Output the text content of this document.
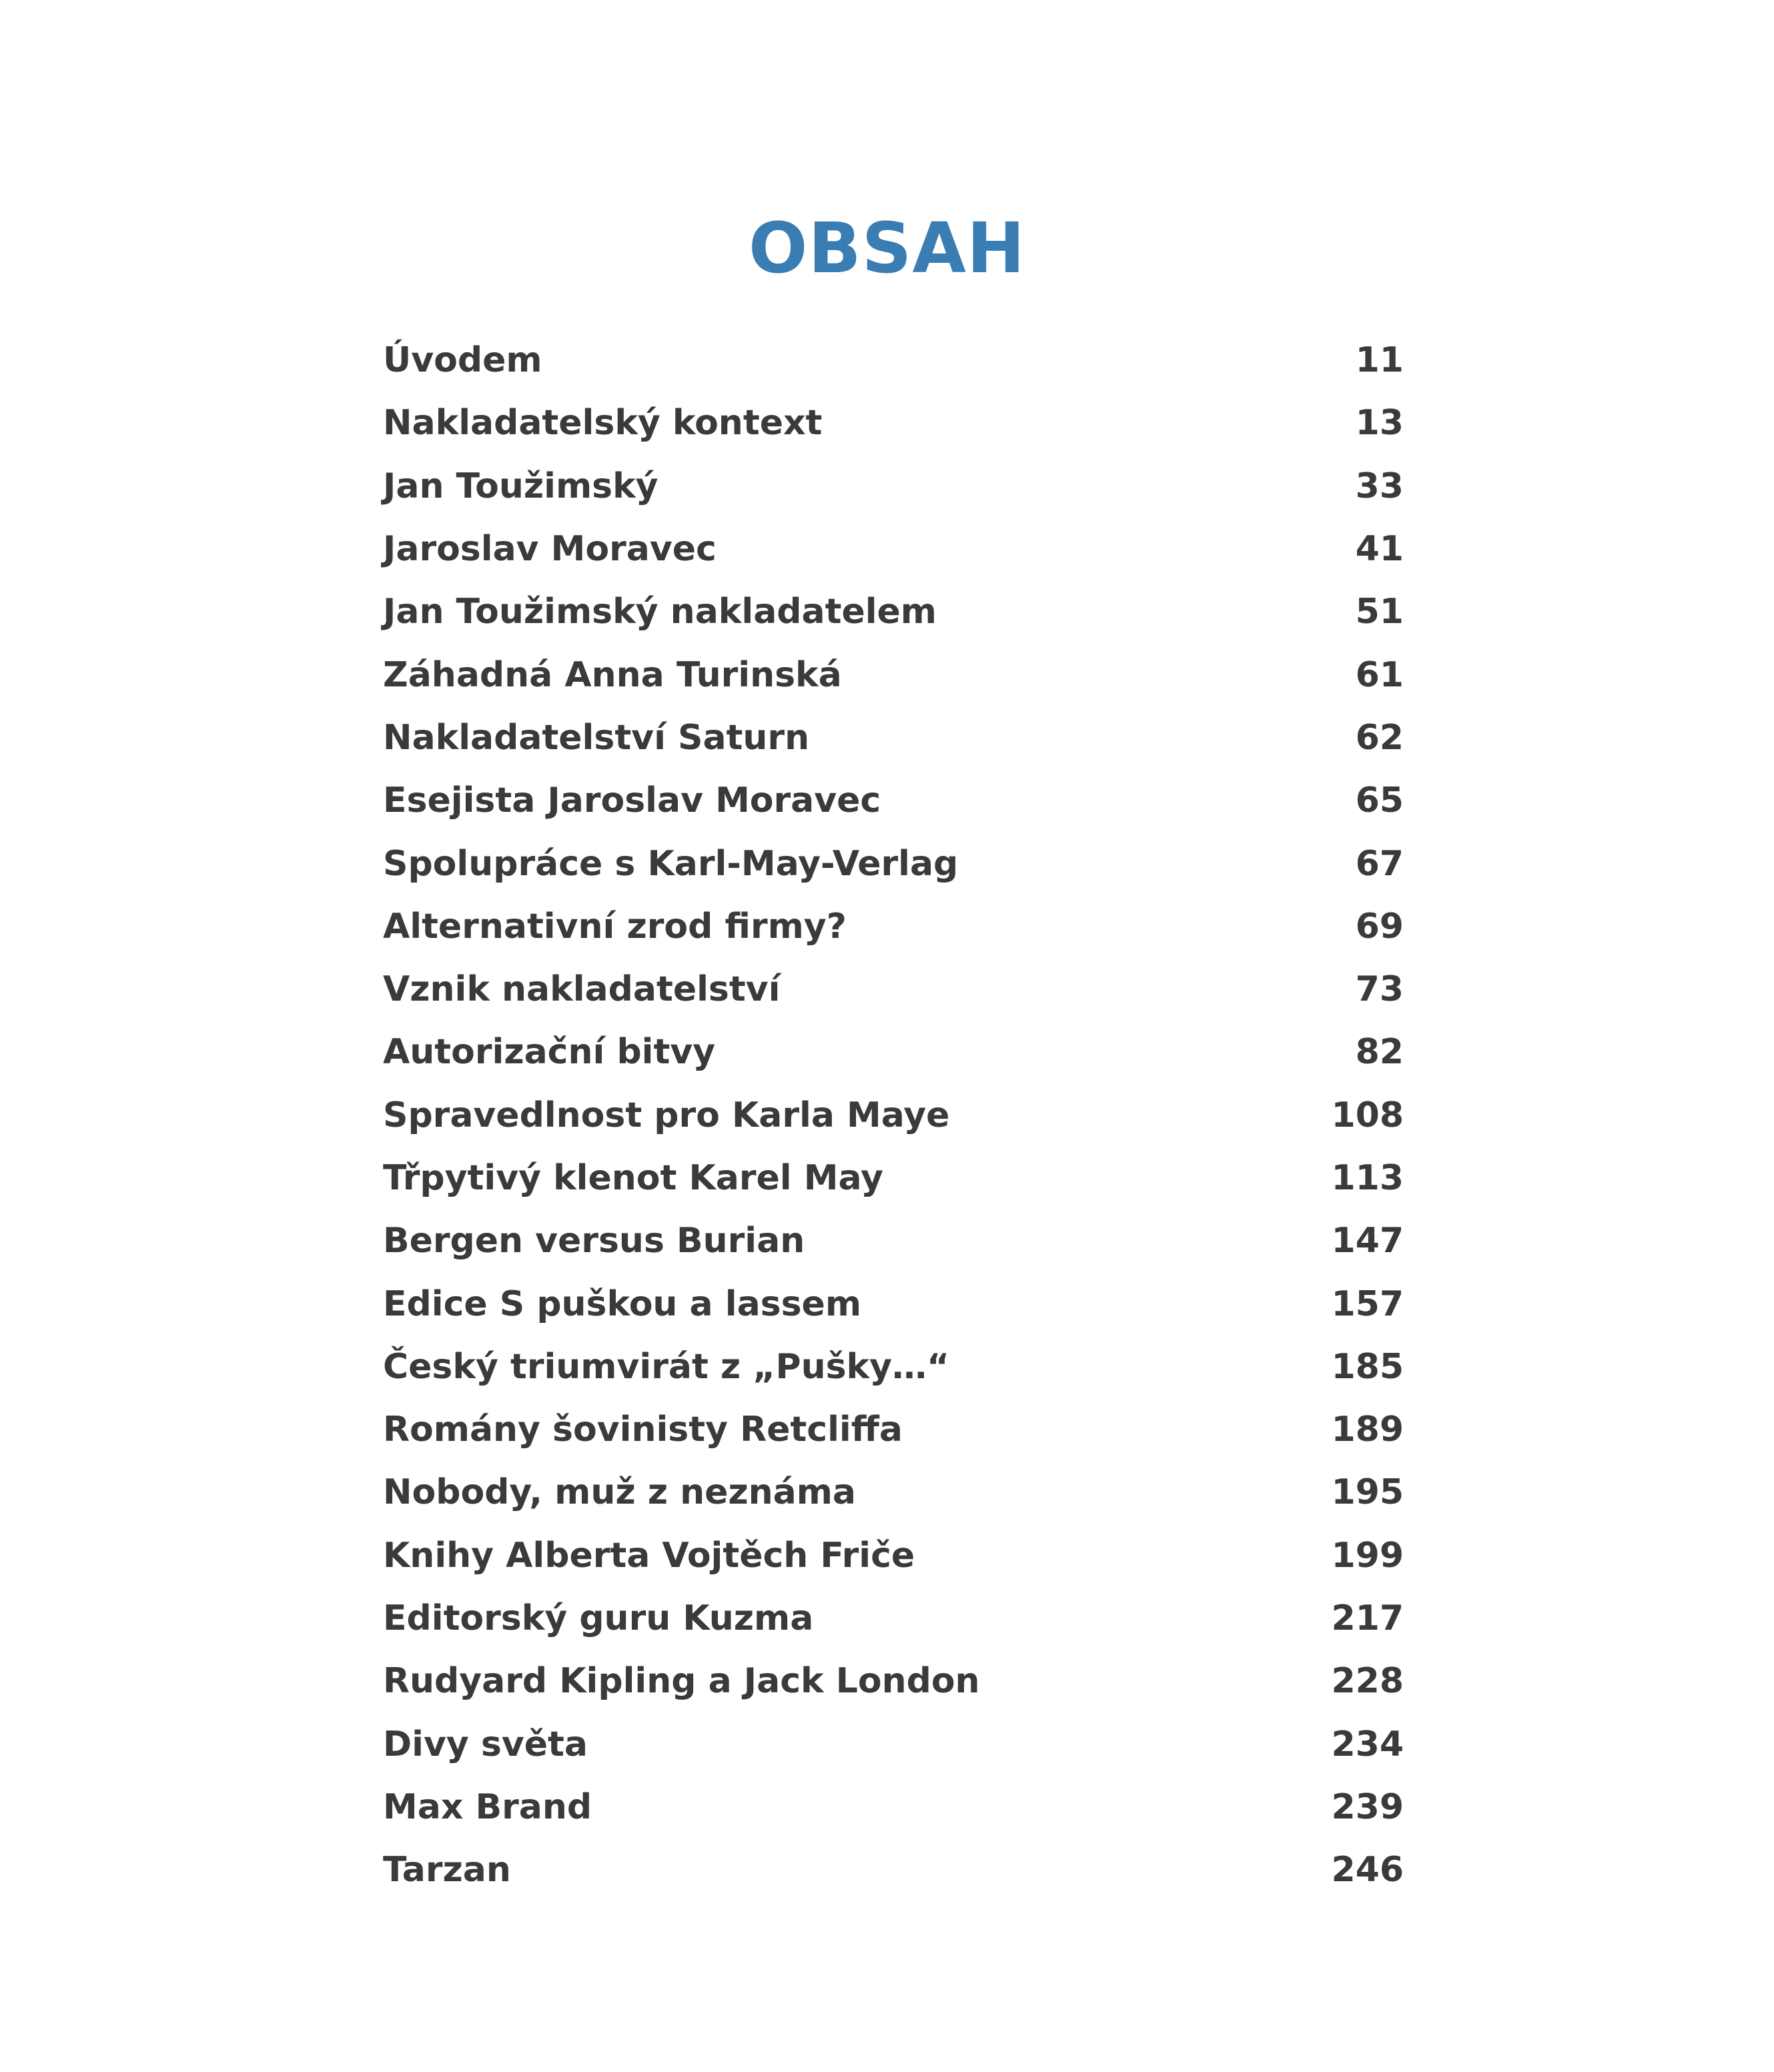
OBSAH
Úvodem	11
Nakladatelský kontext	13
Jan Toužimský	33
Jaroslav Moravec	41
Jan Toužimský nakladatelem	51
Záhadná Anna Turinská	61
Nakladatelství Saturn	62
Esejista Jaroslav Moravec	65
Spolupráce s Karl-May-Verlag	67
Alternativní zrod firmy?	69
Vznik nakladatelství	73
Autorizační bitvy	82
Spravedlnost pro Karla Maye	108
Třpytivý klenot Karel May	113
Bergen versus Burian	147
Edice S puškou a lassem	157
Český triumvirát z „Pušky…“	185
Romány šovinisty Retcliffa	189
Nobody, muž z neznáma	195
Knihy Alberta Vojtěch Friče	199
Editorský guru Kuzma	217
Rudyard Kipling a Jack London	228
Divy světa	234
Max Brand	239
Tarzan	246
